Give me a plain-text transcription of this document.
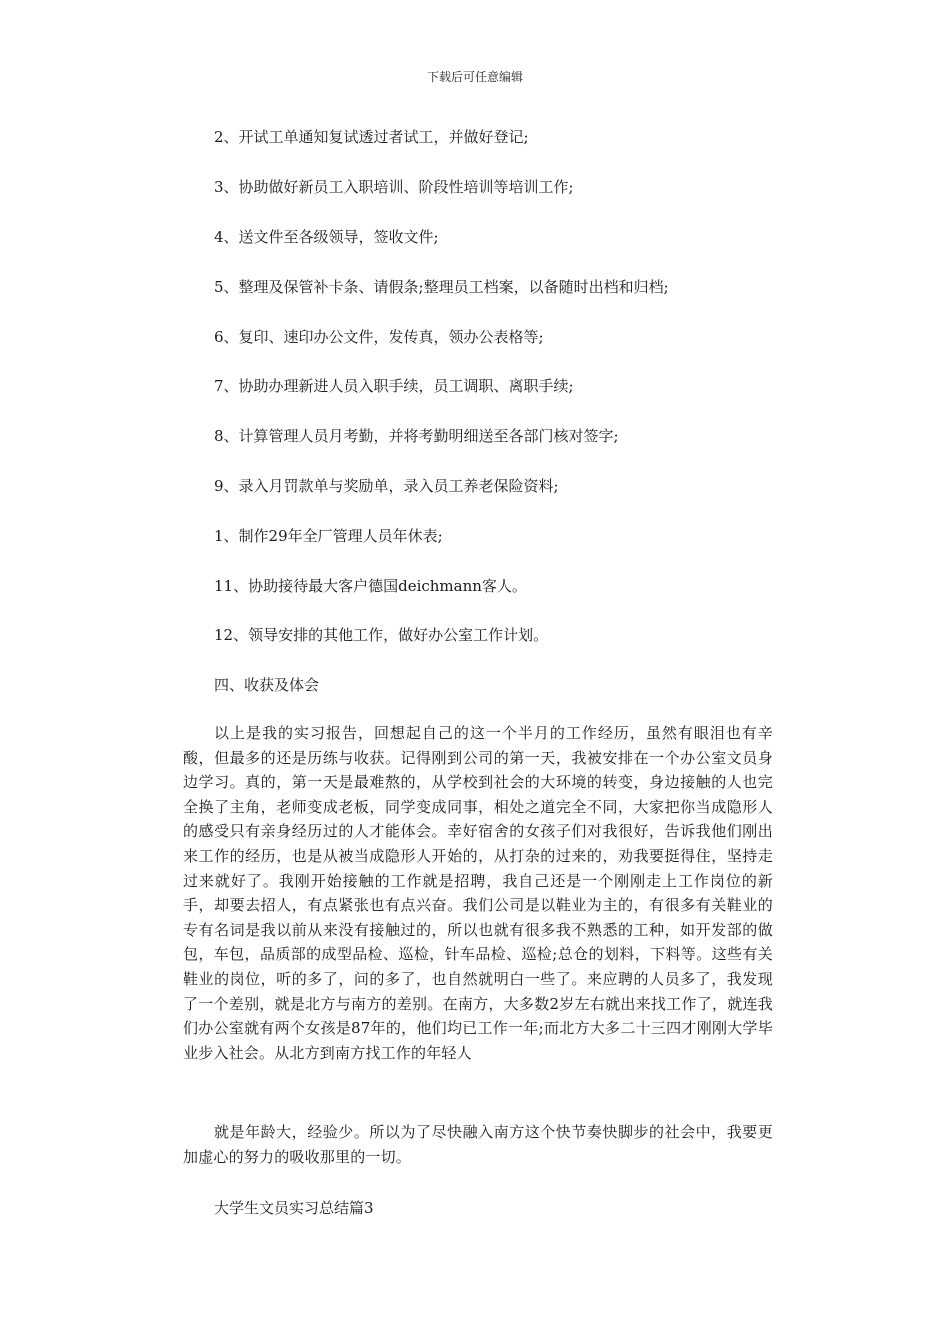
下载后可任意编辑
2、开试工单通知复试透过者试工，并做好登记;
3、协助做好新员工入职培训、阶段性培训等培训工作;
4、送文件至各级领导，签收文件;
5、整理及保管补卡条、请假条;整理员工档案，以备随时出档和归档;
6、复印、速印办公文件，发传真，领办公表格等;
7、协助办理新进人员入职手续，员工调职、离职手续;
8、计算管理人员月考勤，并将考勤明细送至各部门核对签字;
9、录入月罚款单与奖励单，录入员工养老保险资料;
1、制作29年全厂管理人员年休表;
11、协助接待最大客户德国deichmann客人。
12、领导安排的其他工作，做好办公室工作计划。
四、收获及体会
以上是我的实习报告，回想起自己的这一个半月的工作经历，虽然有眼泪也有辛酸，但最多的还是历练与收获。记得刚到公司的第一天，我被安排在一个办公室文员身边学习。真的，第一天是最难熬的，从学校到社会的大环境的转变，身边接触的人也完全换了主角，老师变成老板，同学变成同事，相处之道完全不同，大家把你当成隐形人的感受只有亲身经历过的人才能体会。幸好宿舍的女孩子们对我很好，告诉我他们刚出来工作的经历，也是从被当成隐形人开始的，从打杂的过来的，劝我要挺得住，坚持走过来就好了。我刚开始接触的工作就是招聘，我自己还是一个刚刚走上工作岗位的新手，却要去招人，有点紧张也有点兴奋。我们公司是以鞋业为主的，有很多有关鞋业的专有名词是我以前从来没有接触过的，所以也就有很多我不熟悉的工种，如开发部的做包，车包，品质部的成型品检、巡检，针车品检、巡检;总仓的划料，下料等。这些有关鞋业的岗位，听的多了，问的多了，也自然就明白一些了。来应聘的人员多了，我发现了一个差别，就是北方与南方的差别。在南方，大多数2岁左右就出来找工作了，就连我们办公室就有两个女孩是87年的，他们均已工作一年;而北方大多二十三四才刚刚大学毕业步入社会。从北方到南方找工作的年轻人
就是年龄大，经验少。所以为了尽快融入南方这个快节奏快脚步的社会中，我要更加虚心的努力的吸收那里的一切。
大学生文员实习总结篇3
